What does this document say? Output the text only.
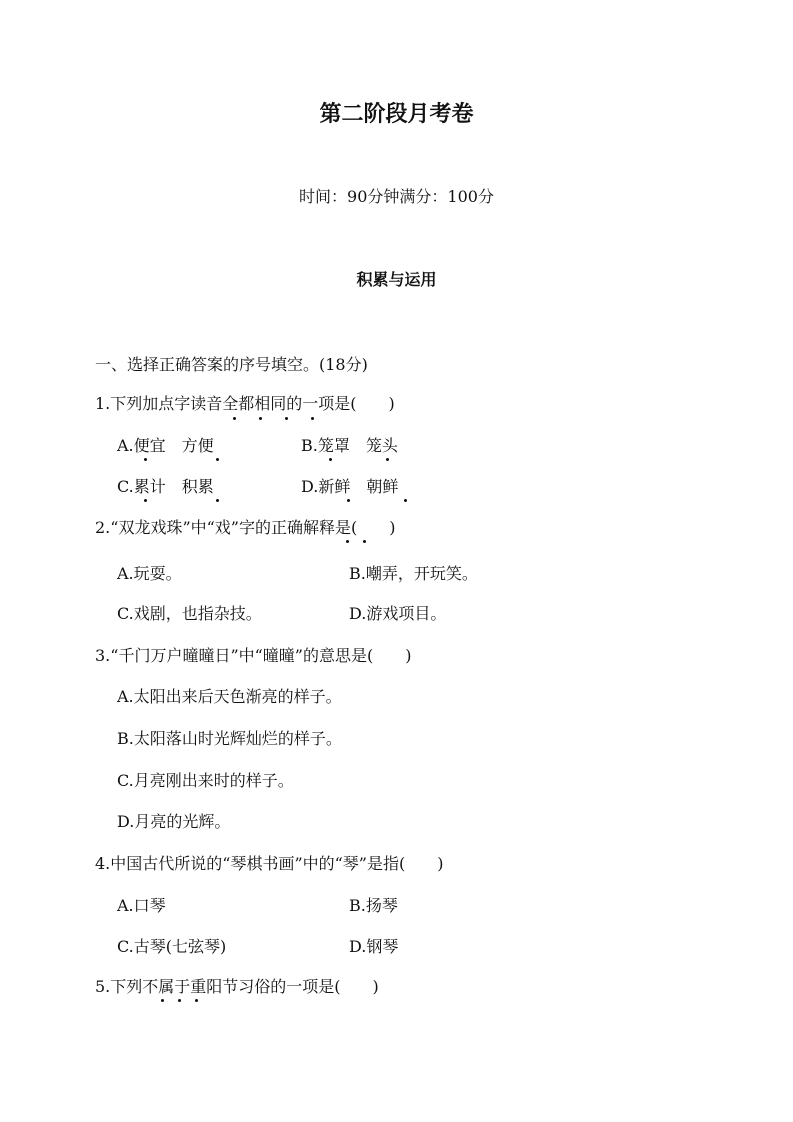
第二阶段月考卷
时间：90分钟满分：100分
积累与运用
一、选择正确答案的序号填空。(18分)
1.下列加点字读音全都相同的一项是(　　)
A.便宜　方便	B.笼罩　笼头
C.累计　积累	D.新鲜　朝鲜
2.“双龙戏珠”中“戏”字的正确解释是(　　)
A.玩耍。	B.嘲弄，开玩笑。
C.戏剧，也指杂技。	D.游戏项目。
3.“千门万户曈曈日”中“曈曈”的意思是(　　)
A.太阳出来后天色渐亮的样子。
B.太阳落山时光辉灿烂的样子。
C.月亮刚出来时的样子。
D.月亮的光辉。
4.中国古代所说的“琴棋书画”中的“琴”是指(　　)
A.口琴	B.扬琴
C.古琴(七弦琴)	D.钢琴
5.下列不属于重阳节习俗的一项是(　　)
